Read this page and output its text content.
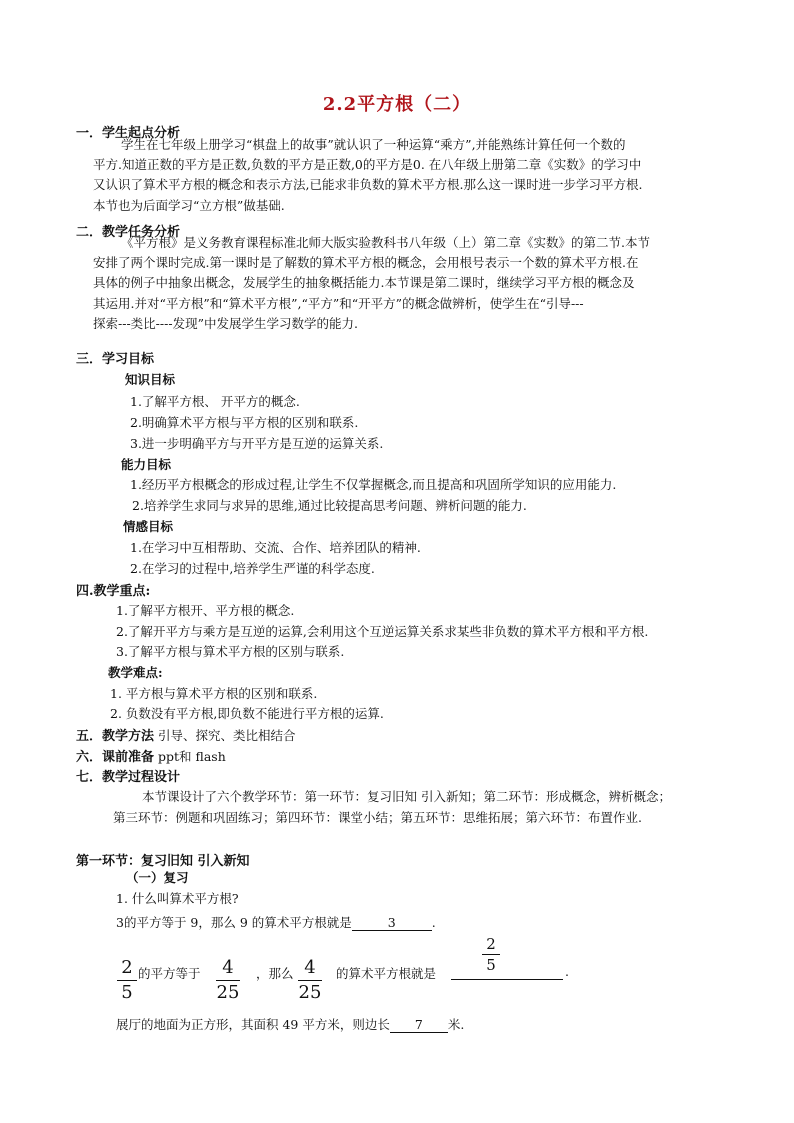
2.2平方根（二）
一．学生起点分析
学生在七年级上册学习“棋盘上的故事”就认识了一种运算“乘方”,并能熟练计算任何一个数的
平方.知道正数的平方是正数,负数的平方是正数,0的平方是0. 在八年级上册第二章《实数》的学习中
又认识了算术平方根的概念和表示方法,已能求非负数的算术平方根.那么这一课时进一步学习平方根.
本节也为后面学习“立方根”做基础.
二．教学任务分析
《平方根》是义务教育课程标准北师大版实验教科书八年级（上）第二章《实数》的第二节.本节
安排了两个课时完成.第一课时是了解数的算术平方根的概念，会用根号表示一个数的算术平方根.在
具体的例子中抽象出概念，发展学生的抽象概括能力.本节课是第二课时，继续学习平方根的概念及
其运用.并对“平方根”和“算术平方根”,“平方”和“开平方”的概念做辨析，使学生在“引导---
探索---类比----发现”中发展学生学习数学的能力.
三．学习目标
知识目标
1.了解平方根、 开平方的概念.
2.明确算术平方根与平方根的区别和联系.
3.进一步明确平方与开平方是互逆的运算关系.
能力目标
1.经历平方根概念的形成过程,让学生不仅掌握概念,而且提高和巩固所学知识的应用能力.
2.培养学生求同与求异的思维,通过比较提高思考问题、辨析问题的能力.
情感目标
1.在学习中互相帮助、交流、合作、培养团队的精神.
2.在学习的过程中,培养学生严谨的科学态度.
四.教学重点:
1.了解平方根开、平方根的概念.
2.了解开平方与乘方是互逆的运算,会利用这个互逆运算关系求某些非负数的算术平方根和平方根.
3.了解平方根与算术平方根的区别与联系.
教学难点:
1. 平方根与算术平方根的区别和联系.
2. 负数没有平方根,即负数不能进行平方根的运算.
五．教学方法 引导、探究、类比相结合
六．课前准备 ppt和 flash
七．教学过程设计
本节课设计了六个教学环节：第一环节：复习旧知 引入新知；第二环节：形成概念，辨析概念；
第三环节：例题和巩固练习；第四环节：课堂小结；第五环节：思维拓展；第六环节：布置作业.
第一环节：复习旧知 引入新知
（一）复习
1. 什么叫算术平方根?
3的平方等于 9，那么 9 的算术平方根就是	3	.
2
5
的平方等于	4
25
，那么 4
25
的算术平方根就是
2
5	.
展厅的地面为正方形，其面积 49 平方米，则边长 7 米.
